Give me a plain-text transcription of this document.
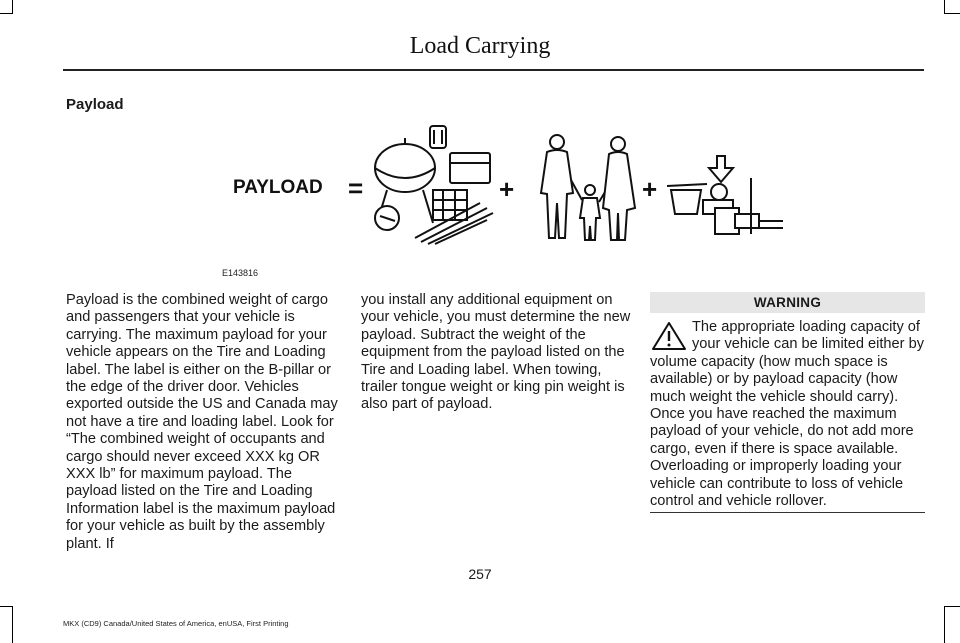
Load Carrying
Payload
PAYLOAD =	+	+
E143816

Payload is the combined weight of cargo and passengers that your vehicle is carrying. The maximum payload for your vehicle appears on the Tire and Loading label. The label is either on the B-pillar or the edge of the driver door. Vehicles exported outside the US and Canada may not have a tire and loading label. Look for “The combined weight of occupants and cargo should never exceed XXX kg OR XXX lb” for maximum payload. The payload listed on the Tire and Loading Information label is the maximum payload for your vehicle as built by the assembly plant. If

you install any additional equipment on your vehicle, you must determine the new payload. Subtract the weight of the equipment from the payload listed on the Tire and Loading label. When towing, trailer tongue weight or king pin weight is also part of payload.

WARNING
The appropriate loading capacity of your vehicle can be limited either by volume capacity (how much space is available) or by payload capacity (how much weight the vehicle should carry). Once you have reached the maximum payload of your vehicle, do not add more cargo, even if there is space available. Overloading or improperly loading your vehicle can contribute to loss of vehicle control and vehicle rollover.
257
MKX (CD9) Canada/United States of America, enUSA, First Printing
